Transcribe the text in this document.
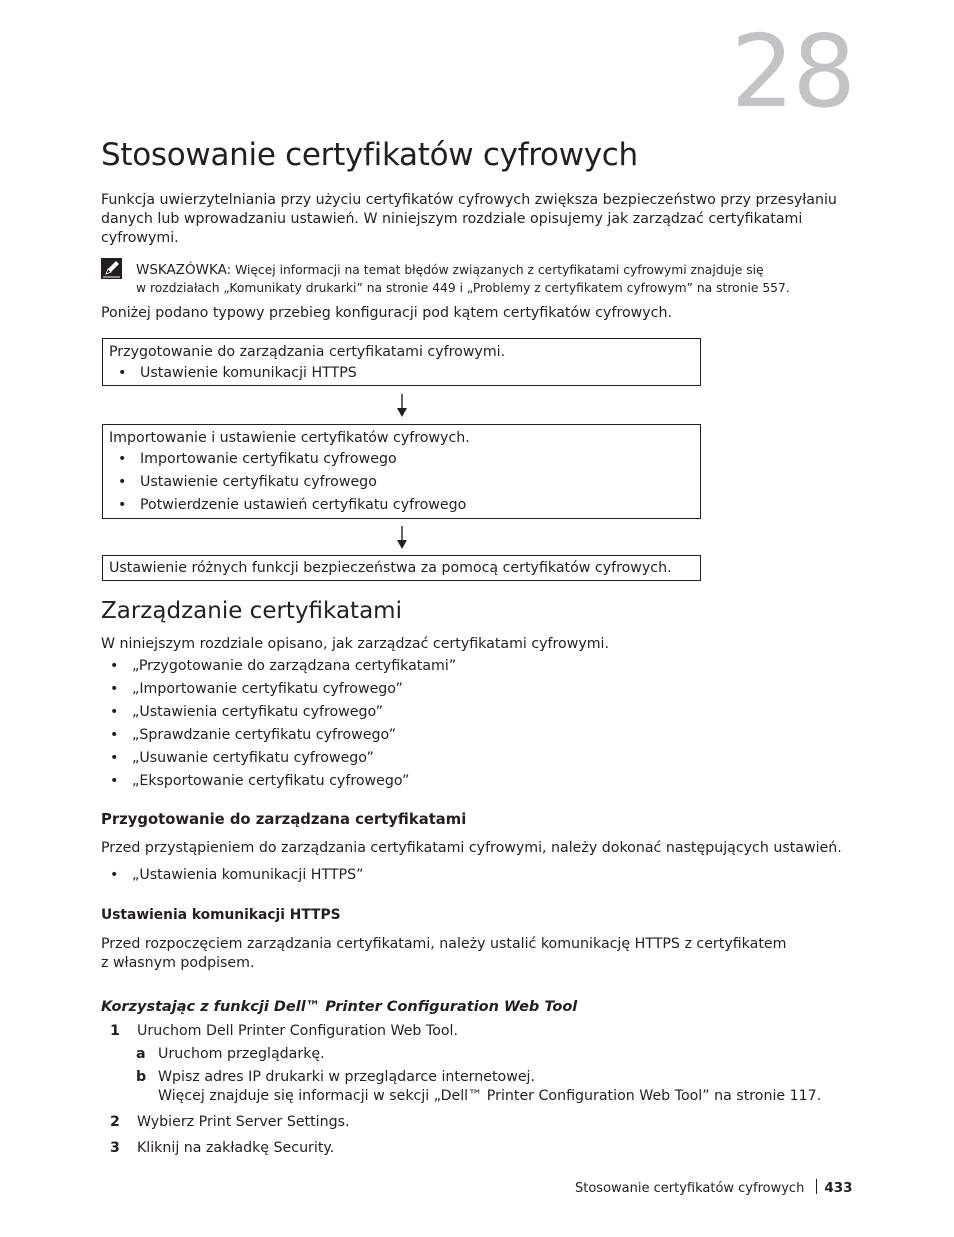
28
Stosowanie certyfikatów cyfrowych
Funkcja uwierzytelniania przy użyciu certyfikatów cyfrowych zwiększa bezpieczeństwo przy przesyłaniu
danych lub wprowadzaniu ustawień. W niniejszym rozdziale opisujemy jak zarządzać certyfikatami
cyfrowymi.
WSKAZÓWKA: Więcej informacji na temat błędów związanych z certyfikatami cyfrowymi znajduje się
w rozdziałach „Komunikaty drukarki” na stronie 449 i „Problemy z certyfikatem cyfrowym” na stronie 557.
Poniżej podano typowy przebieg konfiguracji pod kątem certyfikatów cyfrowych.
Przygotowanie do zarządzania certyfikatami cyfrowymi.
• Ustawienie komunikacji HTTPS
Importowanie i ustawienie certyfikatów cyfrowych.
• Importowanie certyfikatu cyfrowego
• Ustawienie certyfikatu cyfrowego
• Potwierdzenie ustawień certyfikatu cyfrowego
Ustawienie różnych funkcji bezpieczeństwa za pomocą certyfikatów cyfrowych.
Zarządzanie certyfikatami
W niniejszym rozdziale opisano, jak zarządzać certyfikatami cyfrowymi.
• „Przygotowanie do zarządzana certyfikatami”
• „Importowanie certyfikatu cyfrowego”
• „Ustawienia certyfikatu cyfrowego”
• „Sprawdzanie certyfikatu cyfrowego”
• „Usuwanie certyfikatu cyfrowego”
• „Eksportowanie certyfikatu cyfrowego”
Przygotowanie do zarządzana certyfikatami
Przed przystąpieniem do zarządzania certyfikatami cyfrowymi, należy dokonać następujących ustawień.
• „Ustawienia komunikacji HTTPS”
Ustawienia komunikacji HTTPS
Przed rozpoczęciem zarządzania certyfikatami, należy ustalić komunikację HTTPS z certyfikatem
z własnym podpisem.
Korzystając z funkcji Dell™ Printer Configuration Web Tool
1 Uruchom Dell Printer Configuration Web Tool.
a Uruchom przeglądarkę.
b Wpisz adres IP drukarki w przeglądarce internetowej.
Więcej znajduje się informacji w sekcji „Dell™ Printer Configuration Web Tool” na stronie 117.
2 Wybierz Print Server Settings.
3 Kliknij na zakładkę Security.
Stosowanie certyfikatów cyfrowych 433
